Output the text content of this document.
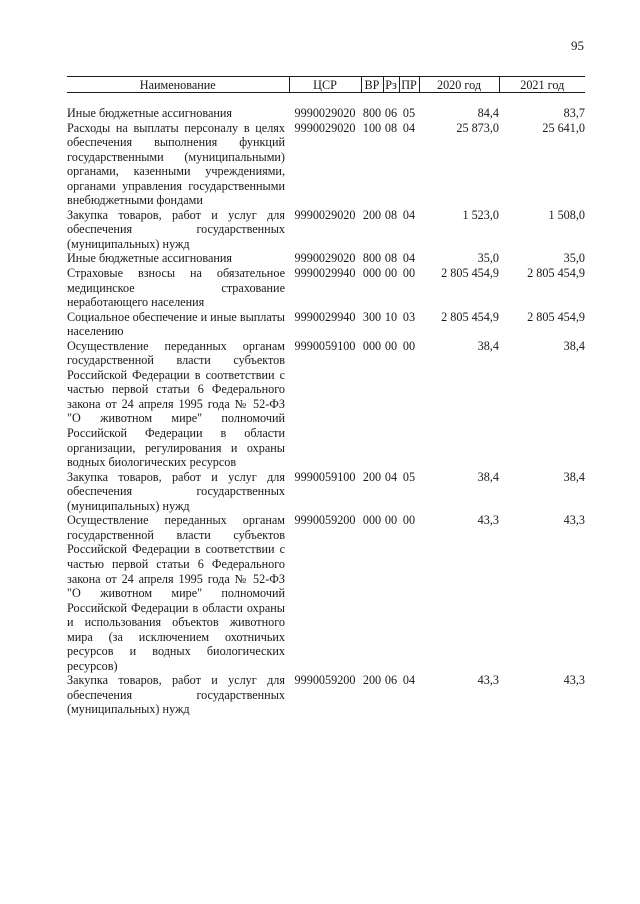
95
Наименование	ЦСР	ВР	Рз	ПР	2020 год	2021 год
Иные бюджетные ассигнования	9990029020	800	06	05	84,4	83,7
Расходы на выплаты персоналу в целях обеспечения выполнения функций государственными (муниципальными) органами, казенными учреждениями, органами управления государственными внебюджетными фондами	9990029020	100	08	04	25 873,0	25 641,0
Закупка товаров, работ и услуг для обеспечения государственных (муниципальных) нужд	9990029020	200	08	04	1 523,0	1 508,0
Иные бюджетные ассигнования	9990029020	800	08	04	35,0	35,0
Страховые взносы на обязательное медицинское страхование неработающего населения	9990029940	000	00	00	2 805 454,9	2 805 454,9
Социальное обеспечение и иные выплаты населению	9990029940	300	10	03	2 805 454,9	2 805 454,9
Осуществление переданных органам государственной власти субъектов Российской Федерации в соответствии с частью первой статьи 6 Федерального закона от 24 апреля 1995 года № 52-ФЗ "О животном мире" полномочий Российской Федерации в области организации, регулирования и охраны водных биологических ресурсов	9990059100	000	00	00	38,4	38,4
Закупка товаров, работ и услуг для обеспечения государственных (муниципальных) нужд	9990059100	200	04	05	38,4	38,4
Осуществление переданных органам государственной власти субъектов Российской Федерации в соответствии с частью первой статьи 6 Федерального закона от 24 апреля 1995 года № 52-ФЗ "О животном мире" полномочий Российской Федерации в области охраны и использования объектов животного мира (за исключением охотничьих ресурсов и водных биологических ресурсов)	9990059200	000	00	00	43,3	43,3
Закупка товаров, работ и услуг для обеспечения государственных (муниципальных) нужд	9990059200	200	06	04	43,3	43,3
